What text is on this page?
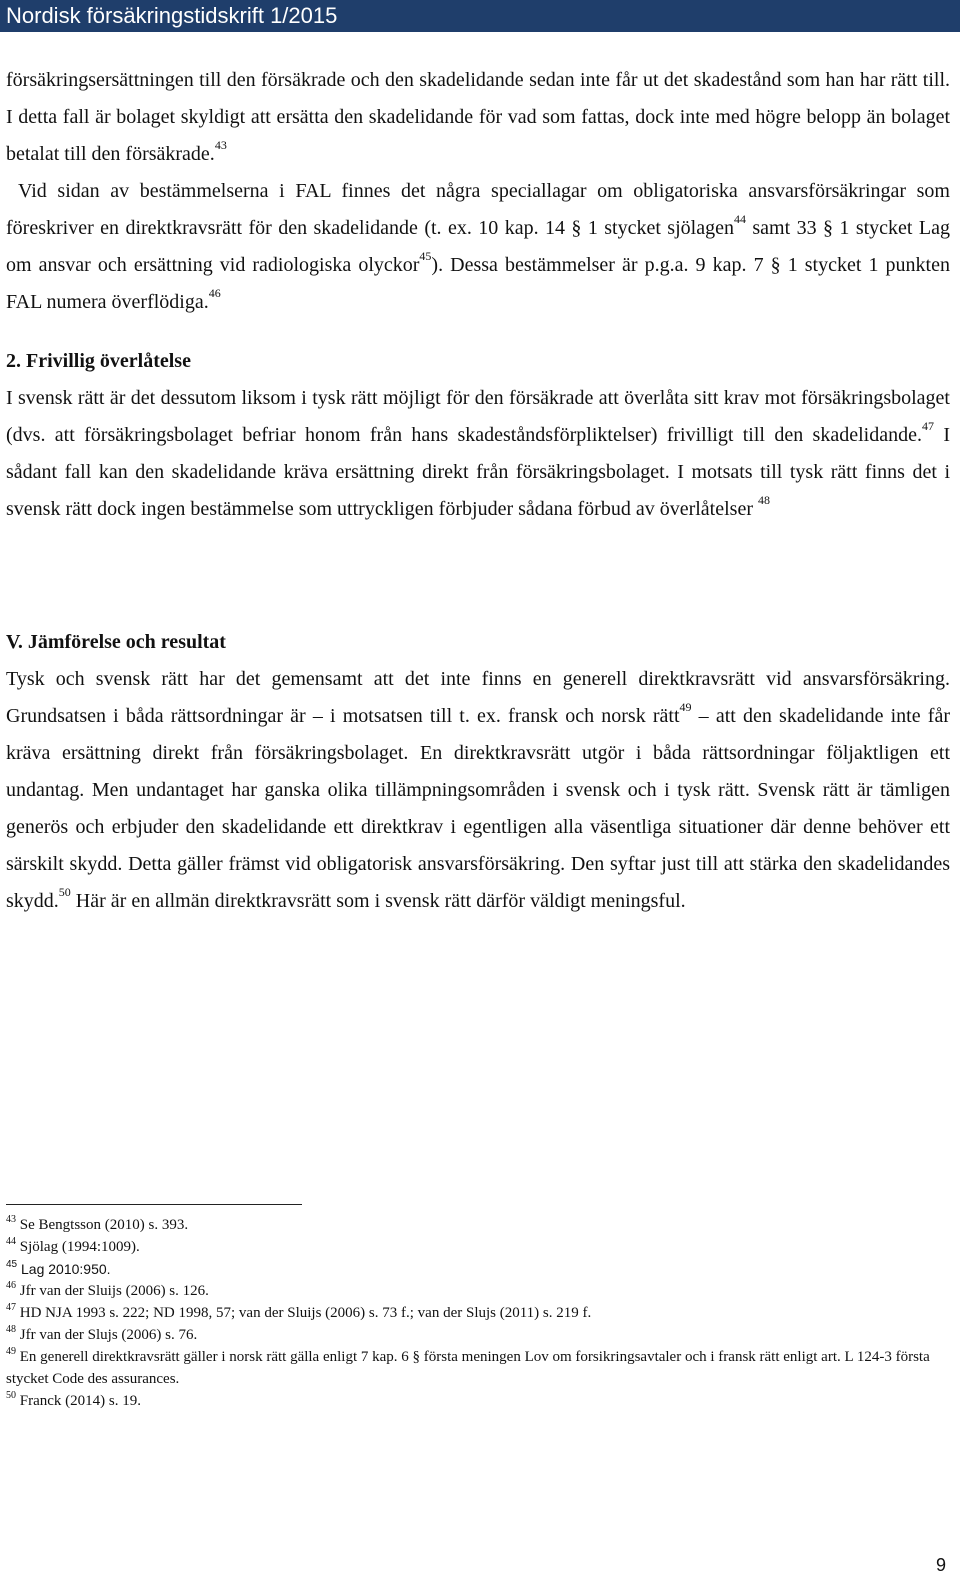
Nordisk försäkringstidskrift 1/2015

försäkringsersättningen till den försäkrade och den skadelidande sedan inte får ut det skadestånd som han har rätt till. I detta fall är bolaget skyldigt att ersätta den skadelidande för vad som fattas, dock inte med högre belopp än bolaget betalat till den försäkrade.$^{43}$

Vid sidan av bestämmelserna i FAL finnes det några speciallagar om obligatoriska ansvarsförsäkringar som föreskriver en direktkravsrätt för den skadelidande (t. ex. 10 kap. 14 § 1 stycket sjölagen$^{44}$ samt 33 § 1 stycket Lag om ansvar och ersättning vid radiologiska olyckor$^{45}$). Dessa bestämmelser är p.g.a. 9 kap. 7 § 1 stycket 1 punkten FAL numera överflödiga.$^{46}$

2. Frivillig överlåtelse

I svensk rätt är det dessutom liksom i tysk rätt möjligt för den försäkrade att överlåta sitt krav mot försäkringsbolaget (dvs. att försäkringsbolaget befriar honom från hans skadeståndsförpliktelser) frivilligt till den skadelidande.$^{47}$ I sådant fall kan den skadelidande kräva ersättning direkt från försäkringsbolaget. I motsats till tysk rätt finns det i svensk rätt dock ingen bestämmelse som uttryckligen förbjuder sådana förbud av överlåtelser $^{48}$

V. Jämförelse och resultat

Tysk och svensk rätt har det gemensamt att det inte finns en generell direktkravsrätt vid ansvarsförsäkring. Grundsatsen i båda rättsordningar är – i motsatsen till t. ex. fransk och norsk rätt$^{49}$ – att den skadelidande inte får kräva ersättning direkt från försäkringsbolaget. En direktkravsrätt utgör i båda rättsordningar följaktligen ett undantag. Men undantaget har ganska olika tillämpningsområden i svensk och i tysk rätt. Svensk rätt är tämligen generös och erbjuder den skadelidande ett direktkrav i egentligen alla väsentliga situationer där denne behöver ett särskilt skydd. Detta gäller främst vid obligatorisk ansvarsförsäkring. Den syftar just till att stärka den skadelidandes skydd.$^{50}$ Här är en allmän direktkravsrätt som i svensk rätt därför väldigt meningsful.

$^{43}$ Se Bengtsson (2010) s. 393.
$^{44}$ Sjölag (1994:1009).
$^{45}$ Lag 2010:950.
$^{46}$ Jfr van der Sluijs (2006) s. 126.
$^{47}$ HD NJA 1993 s. 222; ND 1998, 57; van der Sluijs (2006) s. 73 f.; van der Slujs (2011) s. 219 f.
$^{48}$ Jfr van der Slujs (2006) s. 76.
$^{49}$ En generell direktkravsrätt gäller i norsk rätt gälla enligt 7 kap. 6 § första meningen Lov om forsikringsavtaler och i fransk rätt enligt art. L 124-3 första stycket Code des assurances.
$^{50}$ Franck (2014) s. 19.
9
